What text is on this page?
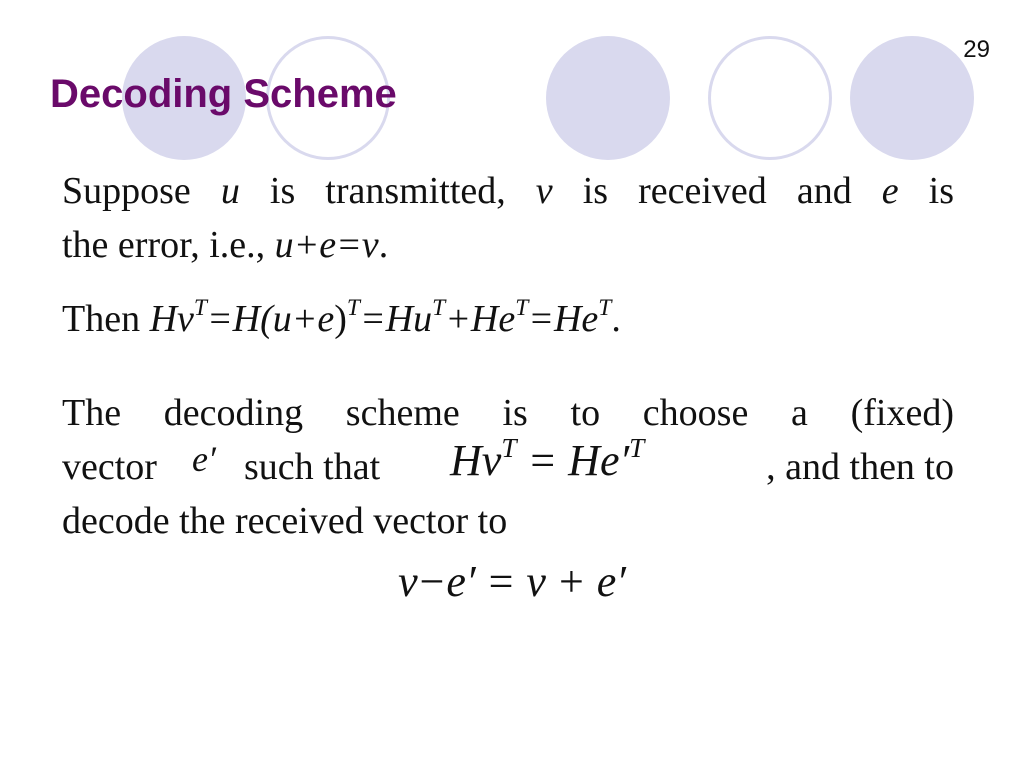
29
Decoding Scheme
Suppose u is transmitted, v is received and e is
the error, i.e., u+e=v.
Then $Hv^T=H(u+e)^T=Hu^T+He^T=He^T$.
The decoding scheme is to choose a (fixed)
vector e′ such that $Hv^T = He'^T$	, and then to
decode the received vector to
v−e′ = v + e′
